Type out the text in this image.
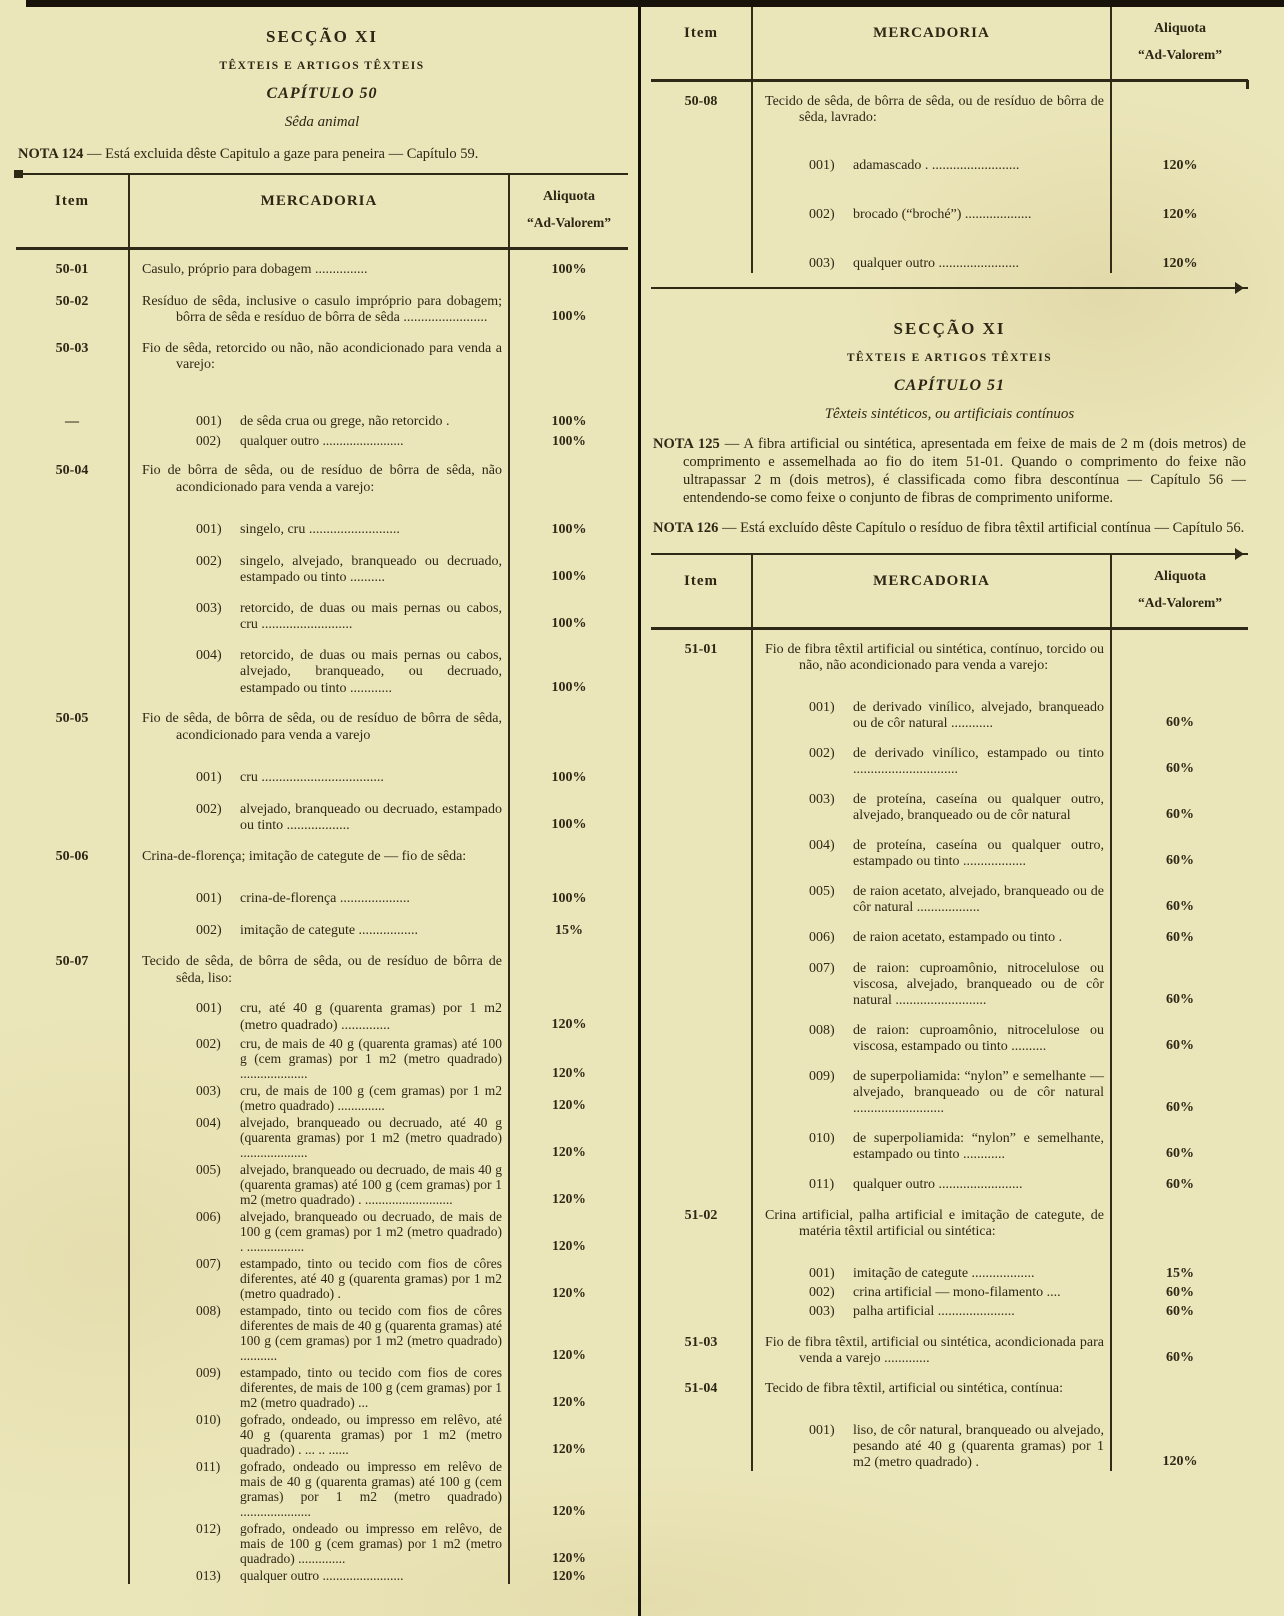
SECÇÃO XI
TÊXTEIS E ARTIGOS TÊXTEIS
CAPÍTULO 50
Sêda animal

NOTA 124 — Está excluida dêste Capitulo a gaze para peneira — Capítulo 59.

Item	MERCADORIA	Aliquota
“Ad-Valorem”
50-01	Casulo, próprio para dobagem ...............	100%
50-02	Resíduo de sêda, inclusive o casulo impróprio para dobagem; bôrra de sêda e resíduo de bôrra de sêda ........................	100%
50-03	Fio de sêda, retorcido ou não, não acondicionado para venda a varejo:
—	001)	de sêda crua ou grege, não retorcido .	100%
002)	qualquer outro ........................	100%
50-04	Fio de bôrra de sêda, ou de resíduo de bôrra de sêda, não acondicionado para venda a varejo:
001)	singelo, cru ..........................	100%
002)	singelo, alvejado, branqueado ou decruado, estampado ou tinto ..........	100%
003)	retorcido, de duas ou mais pernas ou cabos, cru ..........................	100%
004)	retorcido, de duas ou mais pernas ou cabos, alvejado, branqueado, ou decruado, estampado ou tinto ............	100%
50-05	Fio de sêda, de bôrra de sêda, ou de resíduo de bôrra de sêda, acondicionado para venda a varejo
001)	cru ...................................	100%
002)	alvejado, branqueado ou decruado, estampado ou tinto ..................	100%
50-06	Crina-de-florença; imitação de categute de — fio de sêda:
001)	crina-de-florença ....................	100%
002)	imitação de categute .................	15%
50-07	Tecido de sêda, de bôrra de sêda, ou de resíduo de bôrra de sêda, liso:
001)	cru, até 40 g (quarenta gramas) por 1 m2 (metro quadrado) ..............	120%
002)	cru, de mais de 40 g (quarenta gramas) até 100 g (cem gramas) por 1 m2 (metro quadrado) ....................	120%
003)	cru, de mais de 100 g (cem gramas) por 1 m2 (metro quadrado) ..............	120%
004)	alvejado, branqueado ou decruado, até 40 g (quarenta gramas) por 1 m2 (metro quadrado) ....................	120%
005)	alvejado, branqueado ou decruado, de mais 40 g (quarenta gramas) até 100 g (cem gramas) por 1 m2 (metro quadrado) . ..........................	120%
006)	alvejado, branqueado ou decruado, de mais de 100 g (cem gramas) por 1 m2 (metro quadrado) . .................	120%
007)	estampado, tinto ou tecido com fios de côres diferentes, até 40 g (quarenta gramas) por 1 m2 (metro quadrado) .	120%
008)	estampado, tinto ou tecido com fios de côres diferentes de mais de 40 g (quarenta gramas) até 100 g (cem gramas) por 1 m2 (metro quadrado) ...........	120%
009)	estampado, tinto ou tecido com fios de cores diferentes, de mais de 100 g (cem gramas) por 1 m2 (metro quadrado) ...	120%
010)	gofrado, ondeado, ou impresso em relêvo, até 40 g (quarenta gramas) por 1 m2 (metro quadrado) . ... .. ......	120%
011)	gofrado, ondeado ou impresso em relêvo de mais de 40 g (quarenta gramas) até 100 g (cem gramas) por 1 m2 (metro quadrado) .....................	120%
012)	gofrado, ondeado ou impresso em relêvo, de mais de 100 g (cem gramas) por 1 m2 (metro quadrado) ..............	120%
013)	qualquer outro ........................	120%
Item	MERCADORIA	Aliquota
“Ad-Valorem”
50-08	Tecido de sêda, de bôrra de sêda, ou de resíduo de bôrra de sêda, lavrado:
001)	adamascado . .........................	120%
002)	brocado (“broché”) ...................	120%
003)	qualquer outro .......................	120%
SECÇÃO XI
TÊXTEIS E ARTIGOS TÊXTEIS
CAPÍTULO 51
Têxteis sintéticos, ou artificiais contínuos

NOTA 125 — A fibra artificial ou sintética, apresentada em feixe de mais de 2 m (dois metros) de comprimento e assemelhada ao fio do item 51-01. Quando o comprimento do feixe não ultrapassar 2 m (dois metros), é classificada como fibra descontínua — Capítulo 56 — entendendo-se como feixe o conjunto de fibras de comprimento uniforme.

NOTA 126 — Está excluído dêste Capítulo o resíduo de fibra têxtil artificial contínua — Capítulo 56.

Item	MERCADORIA	Aliquota
“Ad-Valorem”
51-01	Fio de fibra têxtil artificial ou sintética, contínuo, torcido ou não, não acondicionado para venda a varejo:
001)	de derivado vinílico, alvejado, branqueado ou de côr natural ............	60%
002)	de derivado vinílico, estampado ou tinto ..............................	60%
003)	de proteína, caseína ou qualquer outro, alvejado, branqueado ou de côr natural	60%
004)	de proteína, caseína ou qualquer outro, estampado ou tinto ..................	60%
005)	de raion acetato, alvejado, branqueado ou de côr natural ..................	60%
006)	de raion acetato, estampado ou tinto .	60%
007)	de raion: cuproamônio, nitrocelulose ou viscosa, alvejado, branqueado ou de côr natural ..........................	60%
008)	de raion: cuproamônio, nitrocelulose ou viscosa, estampado ou tinto ..........	60%
009)	de superpoliamida: “nylon” e semelhante — alvejado, branqueado ou de côr natural ..........................	60%
010)	de superpoliamida: “nylon” e semelhante, estampado ou tinto ............	60%
011)	qualquer outro ........................	60%
51-02	Crina artificial, palha artificial e imitação de categute, de matéria têxtil artificial ou sintética:
001)	imitação de categute ..................	15%
002)	crina artificial — mono-filamento ....	60%
003)	palha artificial ......................	60%
51-03	Fio de fibra têxtil, artificial ou sintética, acondicionada para venda a varejo .............	60%
51-04	Tecido de fibra têxtil, artificial ou sintética, contínua:
001)	liso, de côr natural, branqueado ou alvejado, pesando até 40 g (quarenta gramas) por 1 m2 (metro quadrado) .	120%
